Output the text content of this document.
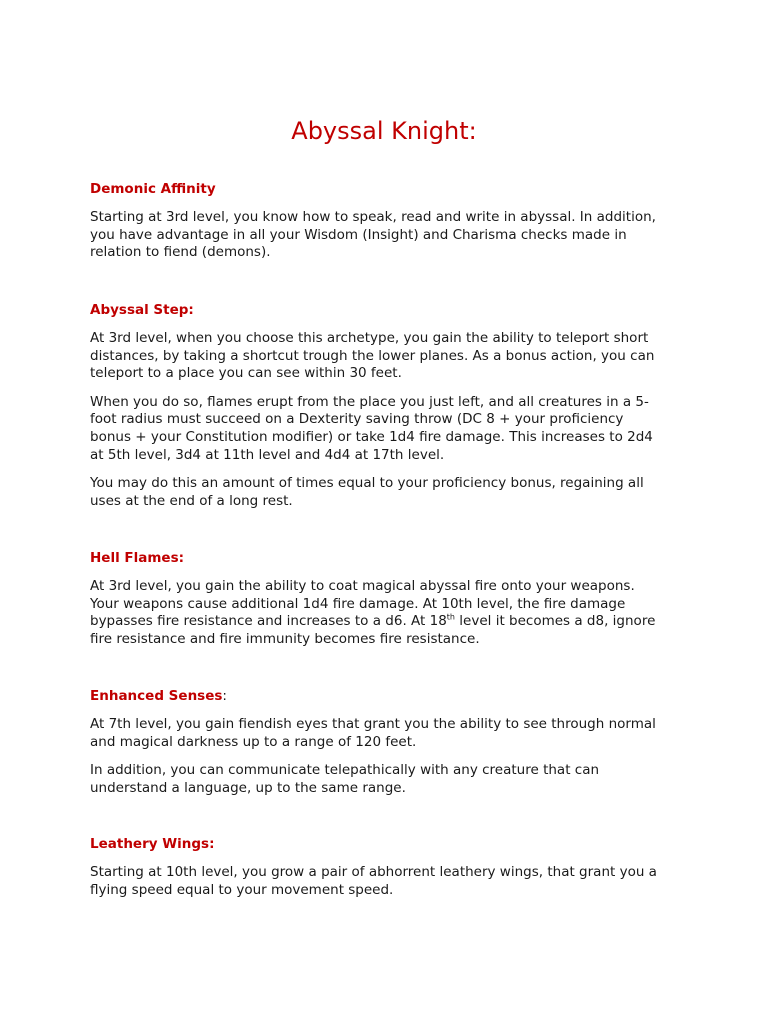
Abyssal Knight:
Demonic Affinity

Starting at 3rd level, you know how to speak, read and write in abyssal. In addition,
you have advantage in all your Wisdom (Insight) and Charisma checks made in
relation to fiend (demons).

Abyssal Step:

At 3rd level, when you choose this archetype, you gain the ability to teleport short
distances, by taking a shortcut trough the lower planes. As a bonus action, you can
teleport to a place you can see within 30 feet.

When you do so, flames erupt from the place you just left, and all creatures in a 5-
foot radius must succeed on a Dexterity saving throw (DC 8 + your proficiency
bonus + your Constitution modifier) or take 1d4 fire damage. This increases to 2d4
at 5th level, 3d4 at 11th level and 4d4 at 17th level.

You may do this an amount of times equal to your proficiency bonus, regaining all
uses at the end of a long rest.

Hell Flames:

At 3rd level, you gain the ability to coat magical abyssal fire onto your weapons.
Your weapons cause additional 1d4 fire damage. At 10th level, the fire damage
bypasses fire resistance and increases to a d6. At 18th level it becomes a d8, ignore
fire resistance and fire immunity becomes fire resistance.

Enhanced Senses:

At 7th level, you gain fiendish eyes that grant you the ability to see through normal
and magical darkness up to a range of 120 feet.

In addition, you can communicate telepathically with any creature that can
understand a language, up to the same range.

Leathery Wings:

Starting at 10th level, you grow a pair of abhorrent leathery wings, that grant you a
flying speed equal to your movement speed.
